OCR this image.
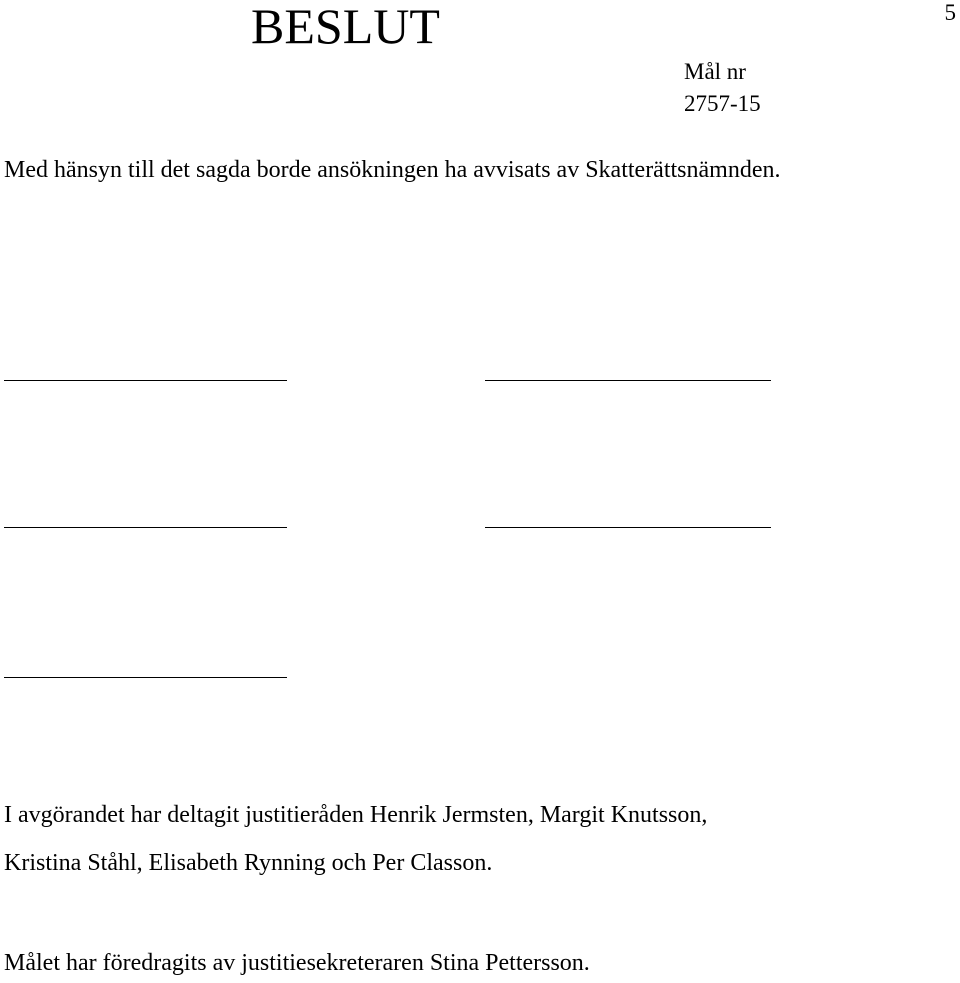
BESLUT	5
Mål nr
2757-15
Med hänsyn till det sagda borde ansökningen ha avvisats av Skatterättsnämnden.
I avgörandet har deltagit justitieråden Henrik Jermsten, Margit Knutsson,
Kristina Ståhl, Elisabeth Rynning och Per Classon.
Målet har föredragits av justitiesekreteraren Stina Pettersson.
